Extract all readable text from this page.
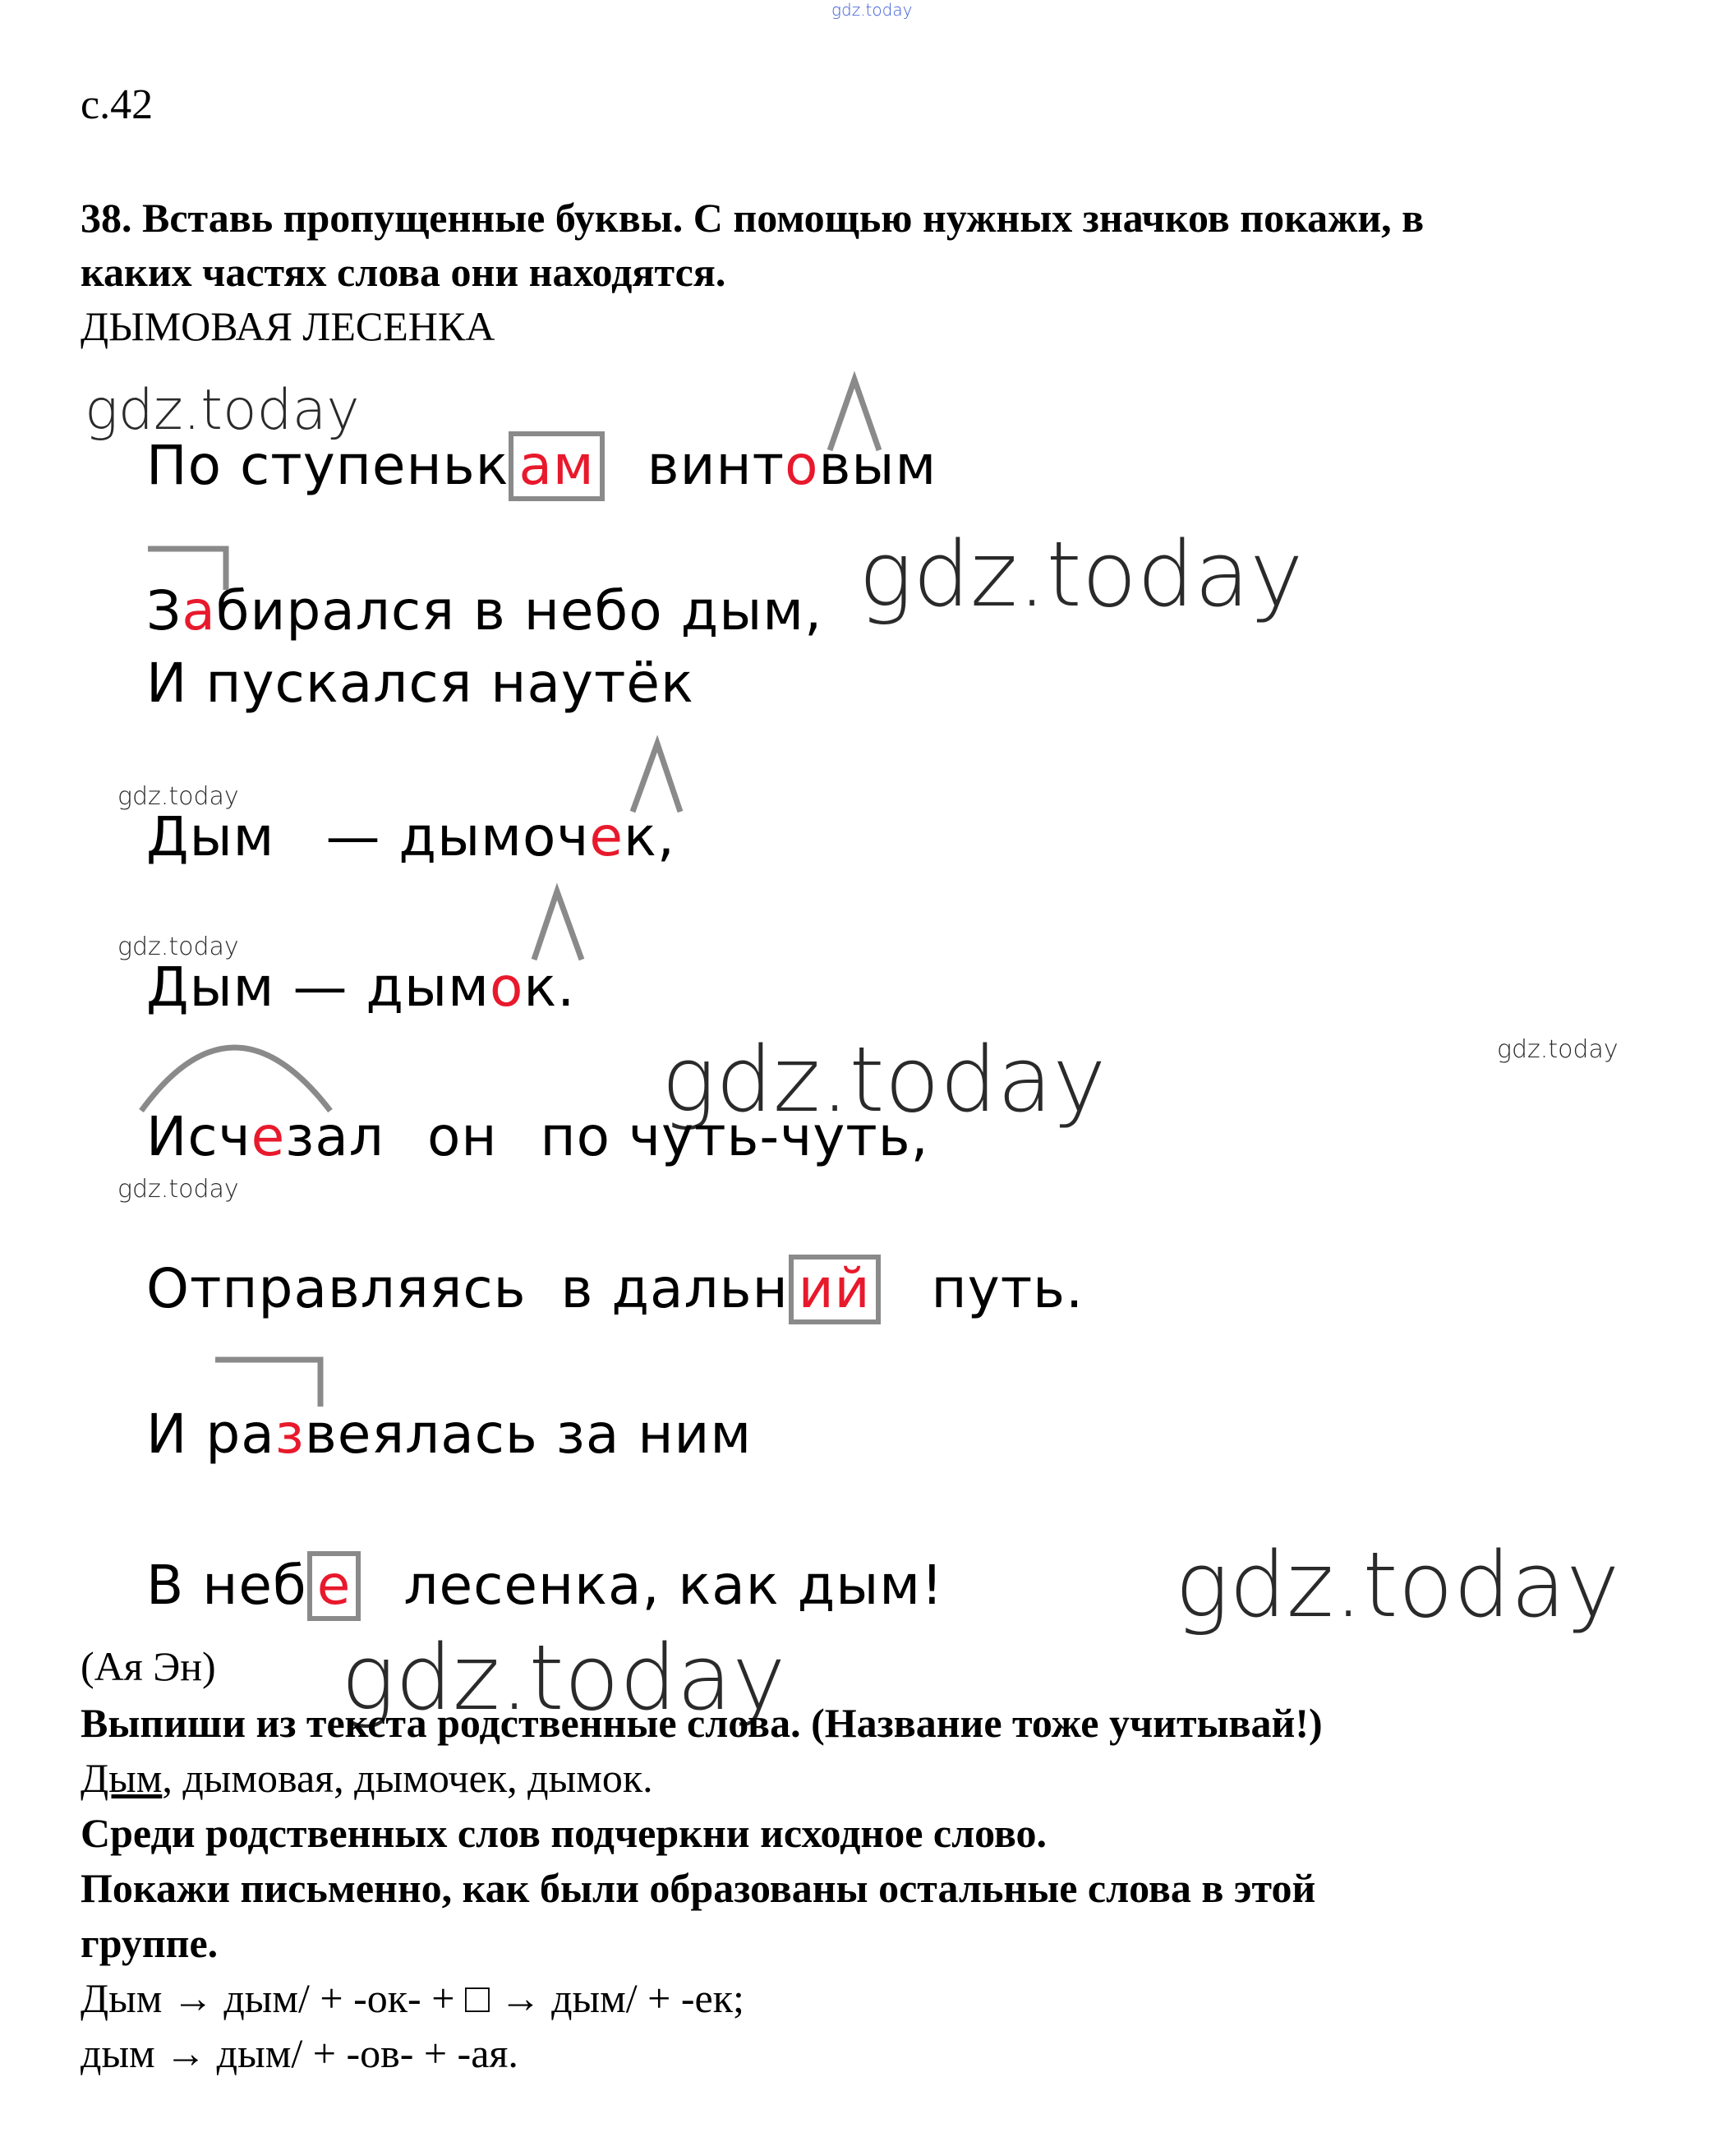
gdz.today
gdz.today
gdz.today
gdz.today
gdz.today
gdz.today
gdz.today
gdz.today
gdz.today
gdz.today
с.42
38. Вставь пропущенные буквы. С помощью нужных значков покажи, в
каких частях слова они находятся.
ДЫМОВАЯ ЛЕСЕНКА
По ступеньк ам винтовым
Забирался в небо дым,
И пускался наутёк
Дым — дымочек,
Дым — дымок.
Исчезал он по чуть-чуть,
Отправляясь в дальн ий путь.
И развеялась за ним
В неб е лесенка, как дым!
(Ая Эн)
Выпиши из текста родственные слова. (Название тоже учитывай!)
Дым, дымовая, дымочек, дымок.
Среди родственных слов подчеркни исходное слово.
Покажи письменно, как были образованы остальные слова в этой
группе.
Дым → дым/ + -ок- + □ → дым/ + -ек;
дым → дым/ + -ов- + -ая.
